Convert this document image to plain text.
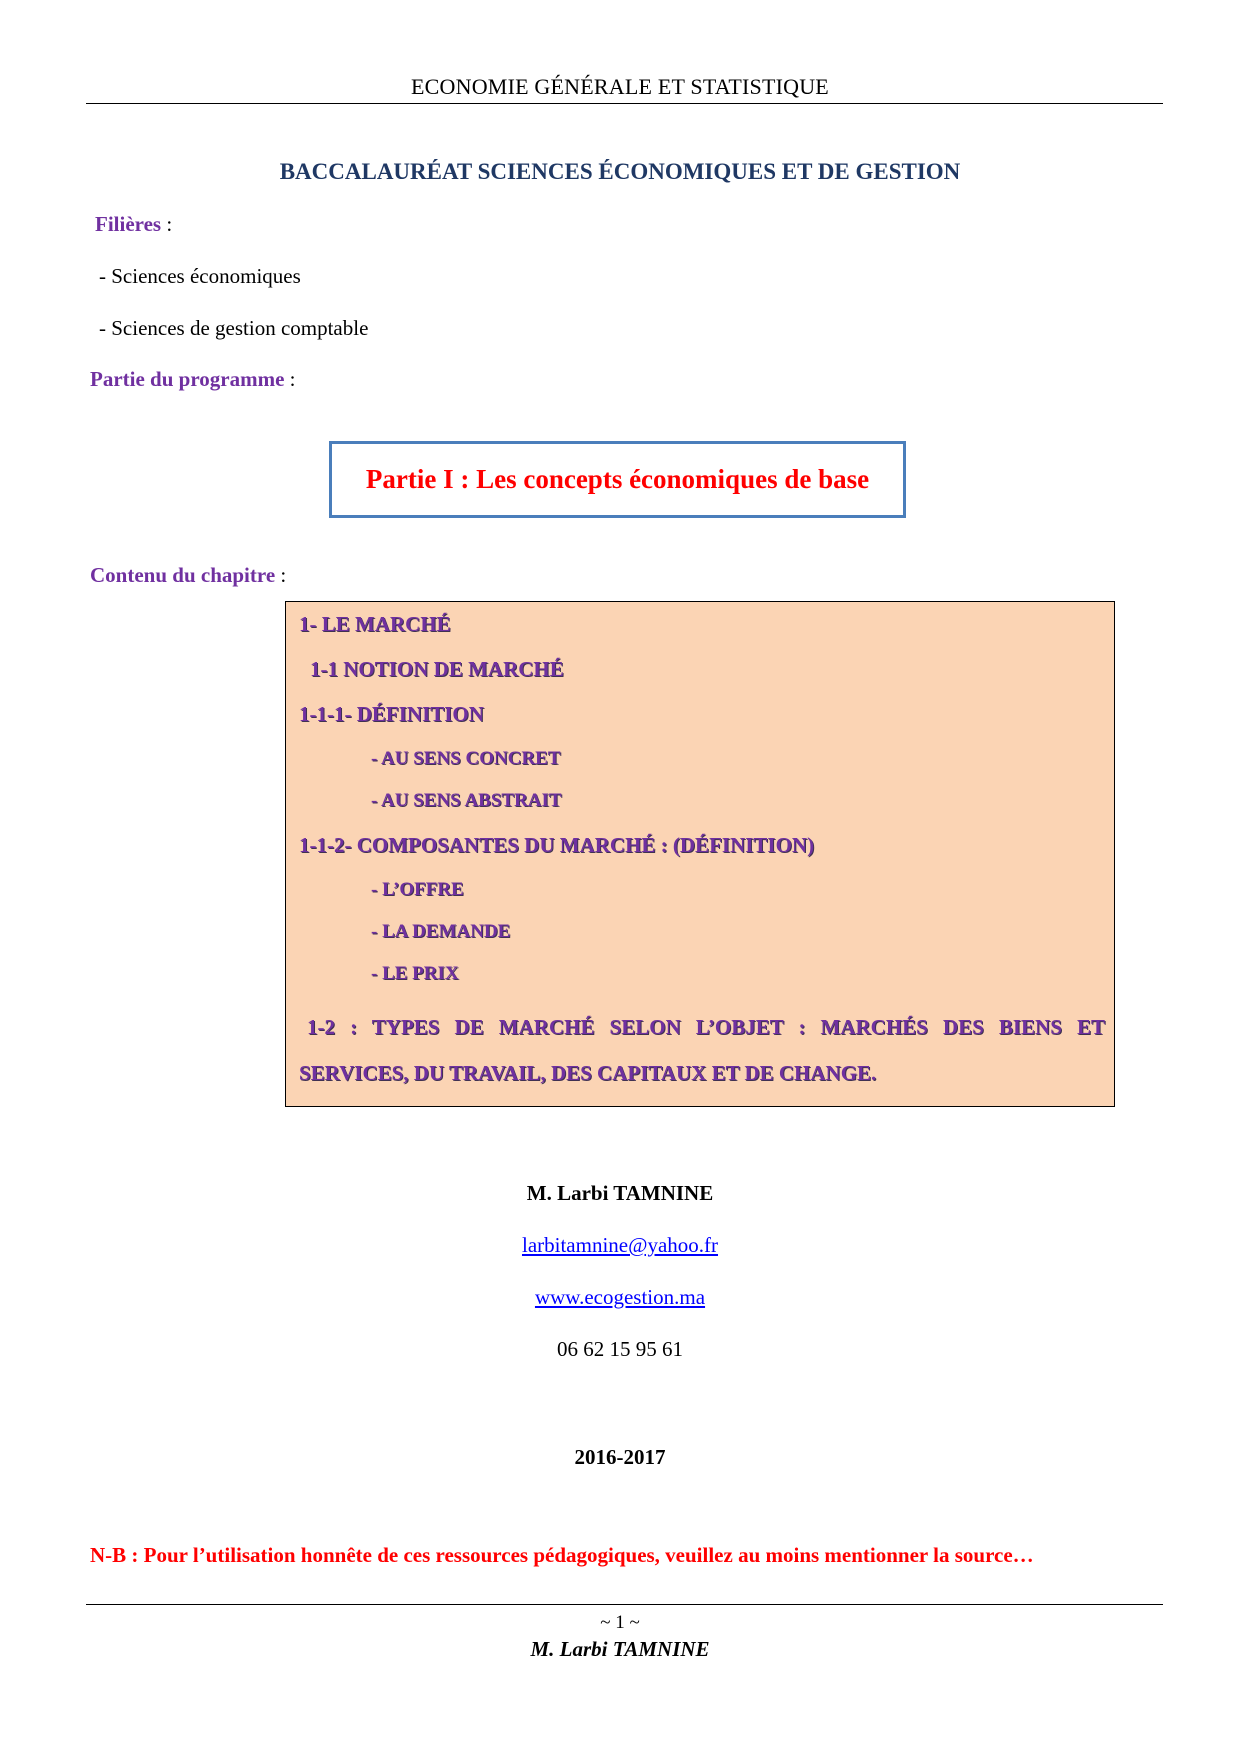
ECONOMIE GÉNÉRALE ET STATISTIQUE
BACCALAURÉAT SCIENCES ÉCONOMIQUES ET DE GESTION
Filières :
- Sciences économiques
- Sciences de gestion comptable
Partie du programme :
Partie I : Les concepts économiques de base
Contenu du chapitre :
1- LE MARCHÉ
1-1 NOTION DE MARCHÉ
1-1-1- DÉFINITION
- AU SENS CONCRET
- AU SENS ABSTRAIT
1-1-2- COMPOSANTES DU MARCHÉ : (DÉFINITION)
- L’OFFRE
- LA DEMANDE
- LE PRIX
1-2 : TYPES DE MARCHÉ SELON L’OBJET : MARCHÉS DES BIENS ET SERVICES, DU TRAVAIL, DES CAPITAUX ET DE CHANGE.
M. Larbi TAMNINE
larbitamnine@yahoo.fr
www.ecogestion.ma
06 62 15 95 61
2016-2017
N-B : Pour l’utilisation honnête de ces ressources pédagogiques, veuillez au moins mentionner la source…
~ 1 ~
M. Larbi TAMNINE
